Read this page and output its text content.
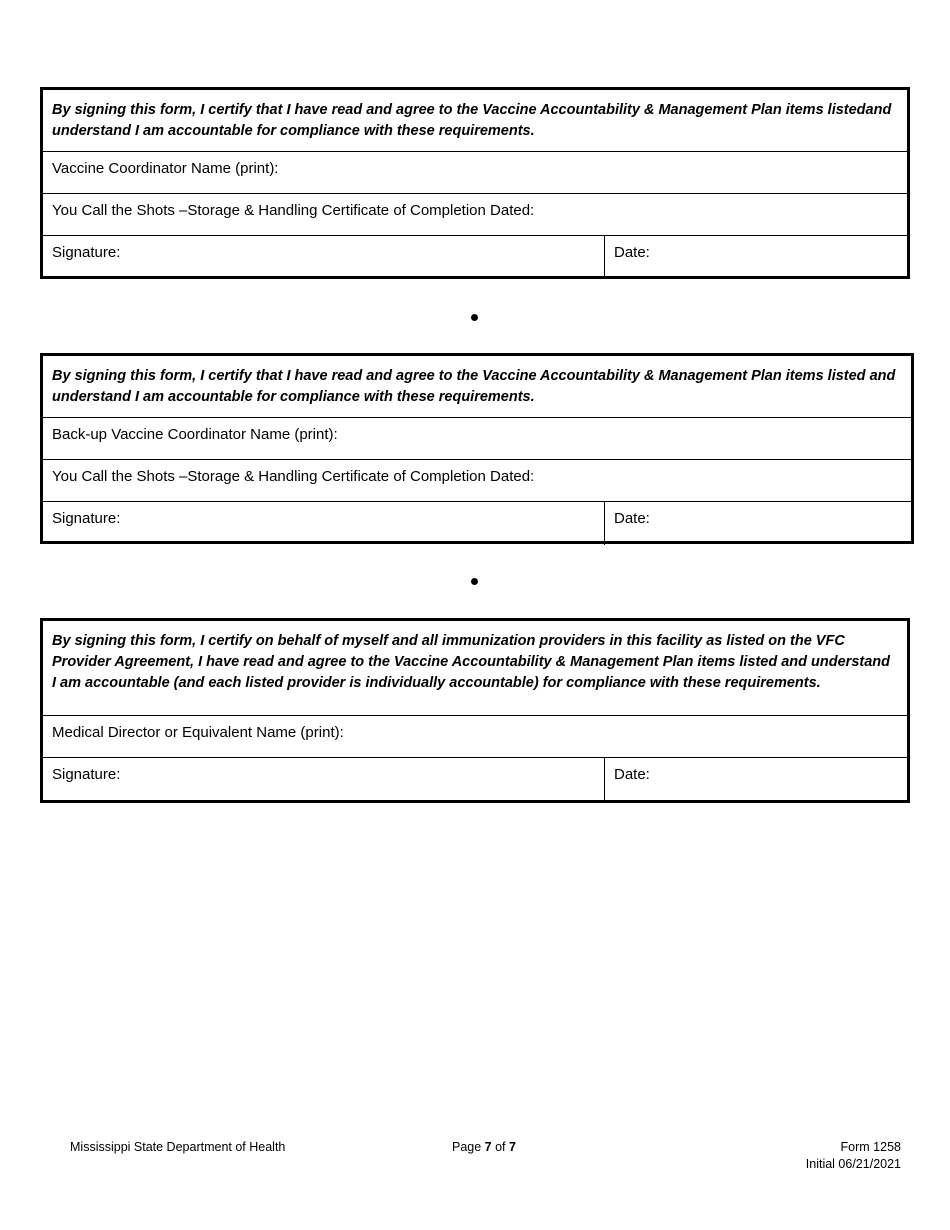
By signing this form, I certify that I have read and agree to the Vaccine Accountability & Management Plan items listedand understand I am accountable for compliance with these requirements.
Vaccine Coordinator Name (print):
You Call the Shots –Storage & Handling Certificate of Completion Dated:
Signature:	Date:
By signing this form, I certify that I have read and agree to the Vaccine Accountability & Management Plan items listed and understand I am accountable for compliance with these requirements.
Back-up Vaccine Coordinator Name (print):
You Call the Shots –Storage & Handling Certificate of Completion Dated:
Signature:	Date:
By signing this form, I certify on behalf of myself and all immunization providers in this facility as listed on the VFC Provider Agreement, I have read and agree to the Vaccine Accountability & Management Plan items listed and understand I am accountable (and each listed provider is individually accountable) for compliance with these requirements.
Medical Director or Equivalent Name (print):
Signature:	Date:
Mississippi State Department of Health	Page 7 of 7	Form 1258
Initial 06/21/2021
